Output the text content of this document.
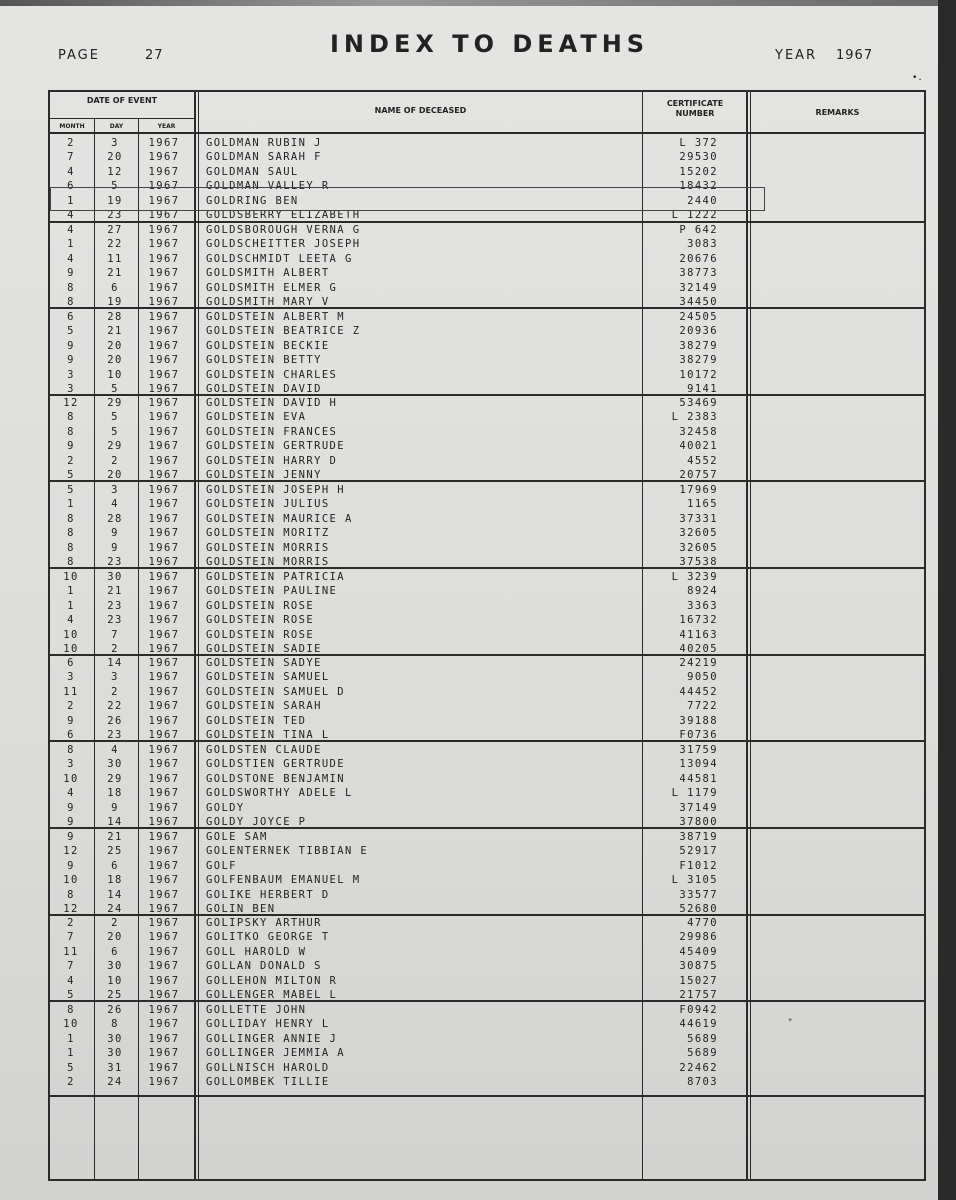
PAGE	27	INDEX TO DEATHS	YEAR 1967
•.
DATE OF EVENT
MONTH	DAY	YEAR
NAME OF DECEASED
CERTIFICATE NUMBER	REMARKS
2	3	1967	GOLDMAN RUBIN J	L 372
7	20	1967	GOLDMAN SARAH F	29530
4	12	1967	GOLDMAN SAUL	15202
6	5	1967	GOLDMAN VALLEY R	18432
1	19	1967	GOLDRING BEN	2440
4	23	1967	GOLDSBERRY ELIZABETH	L 1222
4	27	1967	GOLDSBOROUGH VERNA G	P 642
1	22	1967	GOLDSCHEITTER JOSEPH	3083
4	11	1967	GOLDSCHMIDT LEETA G	20676
9	21	1967	GOLDSMITH ALBERT	38773
8	6	1967	GOLDSMITH ELMER G	32149
8	19	1967	GOLDSMITH MARY V	34450
6	28	1967	GOLDSTEIN ALBERT M	24505
5	21	1967	GOLDSTEIN BEATRICE Z	20936
9	20	1967	GOLDSTEIN BECKIE	38279
9	20	1967	GOLDSTEIN BETTY	38279
3	10	1967	GOLDSTEIN CHARLES	10172
3	5	1967	GOLDSTEIN DAVID	9141
12	29	1967	GOLDSTEIN DAVID H	53469
8	5	1967	GOLDSTEIN EVA	L 2383
8	5	1967	GOLDSTEIN FRANCES	32458
9	29	1967	GOLDSTEIN GERTRUDE	40021
2	2	1967	GOLDSTEIN HARRY D	4552
5	20	1967	GOLDSTEIN JENNY	20757
5	3	1967	GOLDSTEIN JOSEPH H	17969
1	4	1967	GOLDSTEIN JULIUS	1165
8	28	1967	GOLDSTEIN MAURICE A	37331
8	9	1967	GOLDSTEIN MORITZ	32605
8	9	1967	GOLDSTEIN MORRIS	32605
8	23	1967	GOLDSTEIN MORRIS	37538
10	30	1967	GOLDSTEIN PATRICIA	L 3239
1	21	1967	GOLDSTEIN PAULINE	8924
1	23	1967	GOLDSTEIN ROSE	3363
4	23	1967	GOLDSTEIN ROSE	16732
10	7	1967	GOLDSTEIN ROSE	41163
10	2	1967	GOLDSTEIN SADIE	40205
6	14	1967	GOLDSTEIN SADYE	24219
3	3	1967	GOLDSTEIN SAMUEL	9050
11	2	1967	GOLDSTEIN SAMUEL D	44452
2	22	1967	GOLDSTEIN SARAH	7722
9	26	1967	GOLDSTEIN TED	39188
6	23	1967	GOLDSTEIN TINA L	F0736
8	4	1967	GOLDSTEN CLAUDE	31759
3	30	1967	GOLDSTIEN GERTRUDE	13094
10	29	1967	GOLDSTONE BENJAMIN	44581
4	18	1967	GOLDSWORTHY ADELE L	L 1179
9	9	1967	GOLDY	37149
9	14	1967	GOLDY JOYCE P	37800
9	21	1967	GOLE SAM	38719
12	25	1967	GOLENTERNEK TIBBIAN E	52917
9	6	1967	GOLF	F1012
10	18	1967	GOLFENBAUM EMANUEL M	L 3105
8	14	1967	GOLIKE HERBERT D	33577
12	24	1967	GOLIN BEN	52680
2	2	1967	GOLIPSKY ARTHUR	4770
7	20	1967	GOLITKO GEORGE T	29986
11	6	1967	GOLL HAROLD W	45409
7	30	1967	GOLLAN DONALD S	30875
4	10	1967	GOLLEHON MILTON R	15027
5	25	1967	GOLLENGER MABEL L	21757
8	26	1967	GOLLETTE JOHN	F0942
10	8	1967	GOLLIDAY HENRY L	44619
1	30	1967	GOLLINGER ANNIE J	5689
1	30	1967	GOLLINGER JEMMIA A	5689
5	31	1967	GOLLNISCH HAROLD	22462
2	24	1967	GOLLOMBEK TILLIE	8703
▸
